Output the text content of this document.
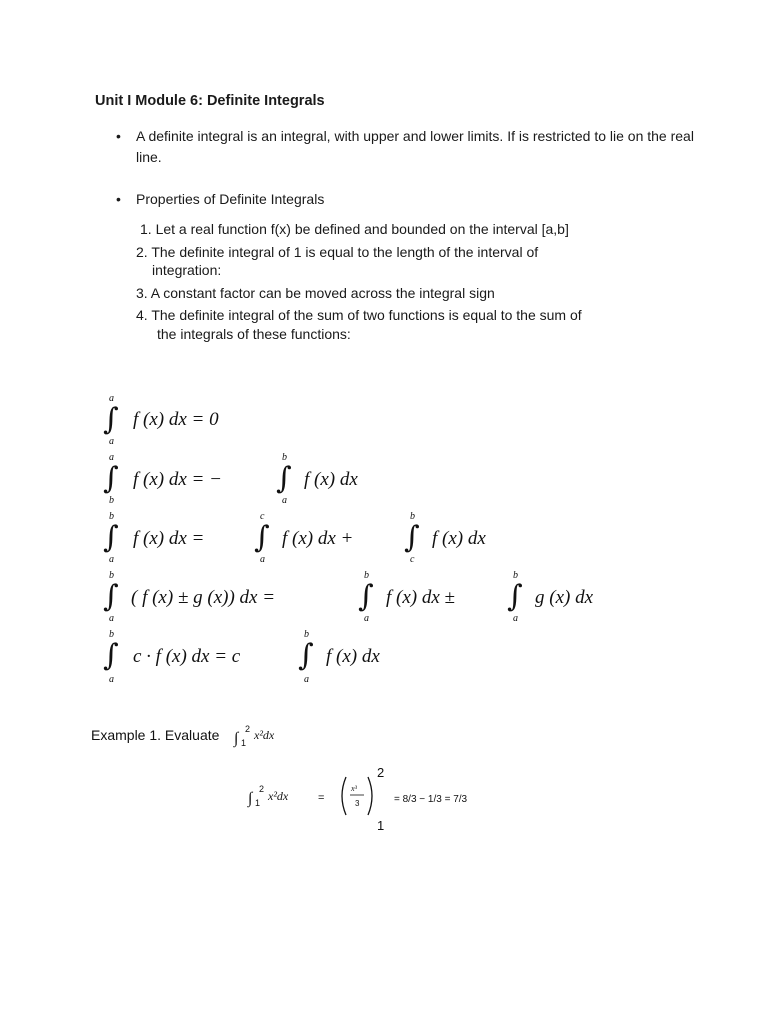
Unit I Module 6: Definite Integrals
• A definite integral is an integral, with upper and lower limits. If is restricted to lie on the real line.
• Properties of Definite Integrals
1. Let a real function f(x) be defined and bounded on the interval [a,b]
2. The definite integral of 1 is equal to the length of the interval of
integration:
3. A constant factor can be moved across the integral sign
4. The definite integral of the sum of two functions is equal to the sum of
the integrals of these functions:
a
∫
a
f (x) dx = 0
a
∫
b
f (x) dx = −
b
∫
a
f (x) dx
b
∫
a
f (x) dx =
c
∫
a
f (x) dx +
b
∫
c
f (x) dx
b
∫
a
( f (x) ± g (x)) dx =
b
∫
a
f (x) dx ±
b
∫
a
g (x) dx
b
∫
a
c · f (x) dx = c
b
∫
a
f (x) dx
Example 1. Evaluate ∫
2
1
x²dx
∫
2
1 x²dx	=
x³
3
2
1
= 8/3 − 1/3 = 7/3
